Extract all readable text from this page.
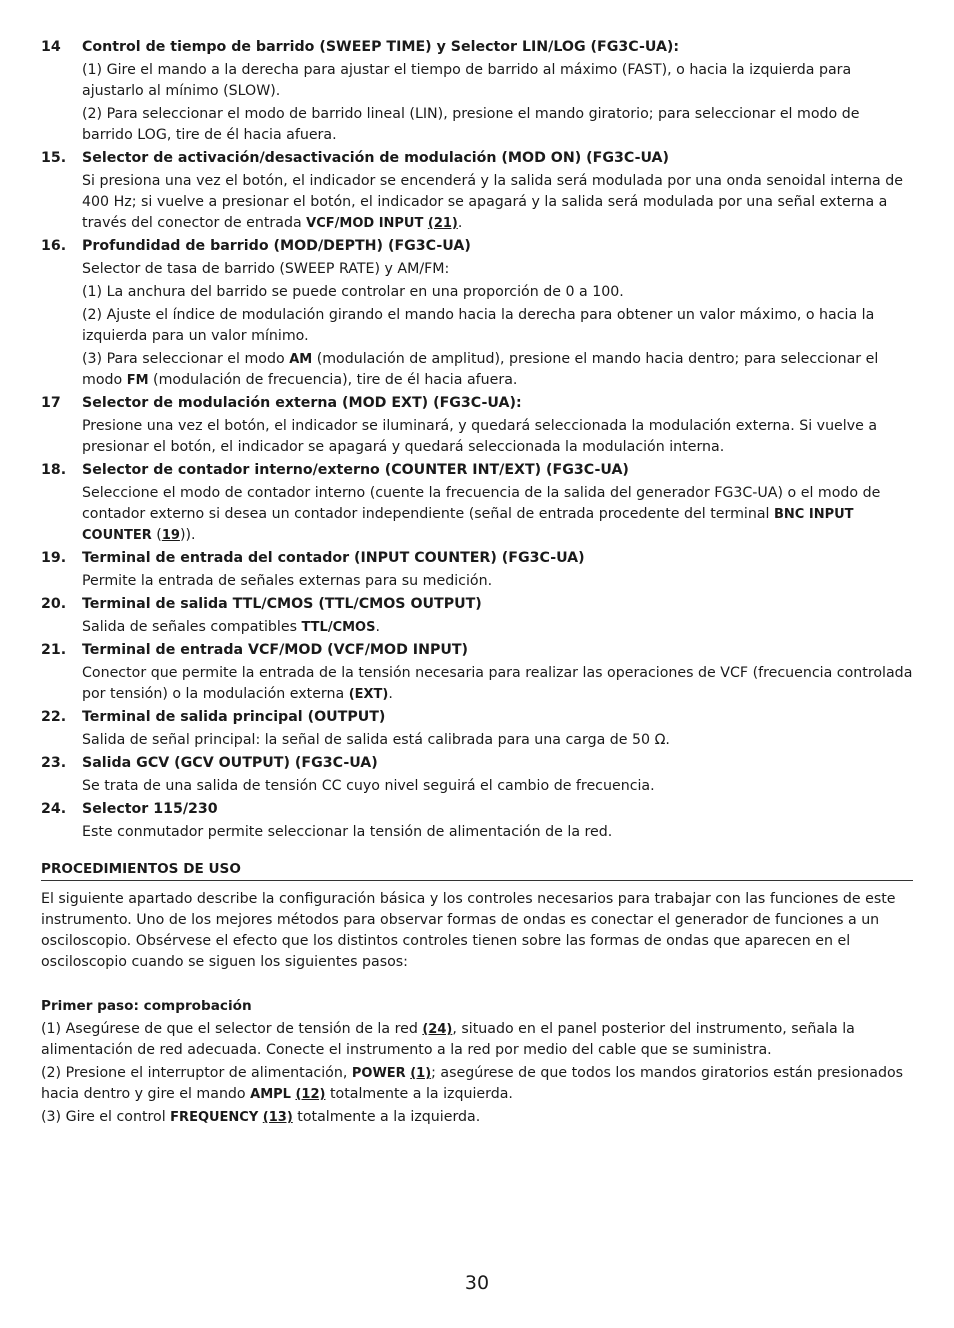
14 Control de tiempo de barrido (SWEEP TIME) y Selector LIN/LOG (FG3C-UA):

(1) Gire el mando a la derecha para ajustar el tiempo de barrido al máximo (FAST), o hacia la izquierda para ajustarlo al mínimo (SLOW).

(2) Para seleccionar el modo de barrido lineal (LIN), presione el mando giratorio; para seleccionar el modo de barrido LOG, tire de él hacia afuera.

15. Selector de activación/desactivación de modulación (MOD ON) (FG3C-UA)

Si presiona una vez el botón, el indicador se encenderá y la salida será modulada por una onda senoidal interna de 400 Hz; si vuelve a presionar el botón, el indicador se apagará y la salida será modulada por una señal externa a través del conector de entrada VCF/MOD INPUT (21).

16. Profundidad de barrido (MOD/DEPTH) (FG3C-UA)

Selector de tasa de barrido (SWEEP RATE) y AM/FM:

(1) La anchura del barrido se puede controlar en una proporción de 0 a 100.

(2) Ajuste el índice de modulación girando el mando hacia la derecha para obtener un valor máximo, o hacia la izquierda para un valor mínimo.

(3) Para seleccionar el modo AM (modulación de amplitud), presione el mando hacia dentro; para seleccionar el modo FM (modulación de frecuencia), tire de él hacia afuera.

17 Selector de modulación externa (MOD EXT) (FG3C-UA):

Presione una vez el botón, el indicador se iluminará, y quedará seleccionada la modulación externa. Si vuelve a presionar el botón, el indicador se apagará y quedará seleccionada la modulación interna.

18. Selector de contador interno/externo (COUNTER INT/EXT) (FG3C-UA)

Seleccione el modo de contador interno (cuente la frecuencia de la salida del generador FG3C-UA) o el modo de contador externo si desea un contador independiente (señal de entrada procedente del terminal BNC INPUT COUNTER (19)).

19. Terminal de entrada del contador (INPUT COUNTER) (FG3C-UA)

Permite la entrada de señales externas para su medición.

20. Terminal de salida TTL/CMOS (TTL/CMOS OUTPUT)

Salida de señales compatibles TTL/CMOS.

21. Terminal de entrada VCF/MOD (VCF/MOD INPUT)

Conector que permite la entrada de la tensión necesaria para realizar las operaciones de VCF (frecuencia controlada por tensión) o la modulación externa (EXT).

22. Terminal de salida principal (OUTPUT)

Salida de señal principal: la señal de salida está calibrada para una carga de 50 Ω.

23. Salida GCV (GCV OUTPUT) (FG3C-UA)

Se trata de una salida de tensión CC cuyo nivel seguirá el cambio de frecuencia.

24. Selector 115/230

Este conmutador permite seleccionar la tensión de alimentación de la red.

PROCEDIMIENTOS DE USO

El siguiente apartado describe la configuración básica y los controles necesarios para trabajar con las funciones de este instrumento. Uno de los mejores métodos para observar formas de ondas es conectar el generador de funciones a un osciloscopio. Obsérvese el efecto que los distintos controles tienen sobre las formas de ondas que aparecen en el osciloscopio cuando se siguen los siguientes pasos:

Primer paso: comprobación

(1) Asegúrese de que el selector de tensión de la red (24), situado en el panel posterior del instrumento, señala la alimentación de red adecuada. Conecte el instrumento a la red por medio del cable que se suministra.

(2) Presione el interruptor de alimentación, POWER (1); asegúrese de que todos los mandos giratorios están presionados hacia dentro y gire el mando AMPL (12) totalmente a la izquierda.

(3) Gire el control FREQUENCY (13) totalmente a la izquierda.

30
